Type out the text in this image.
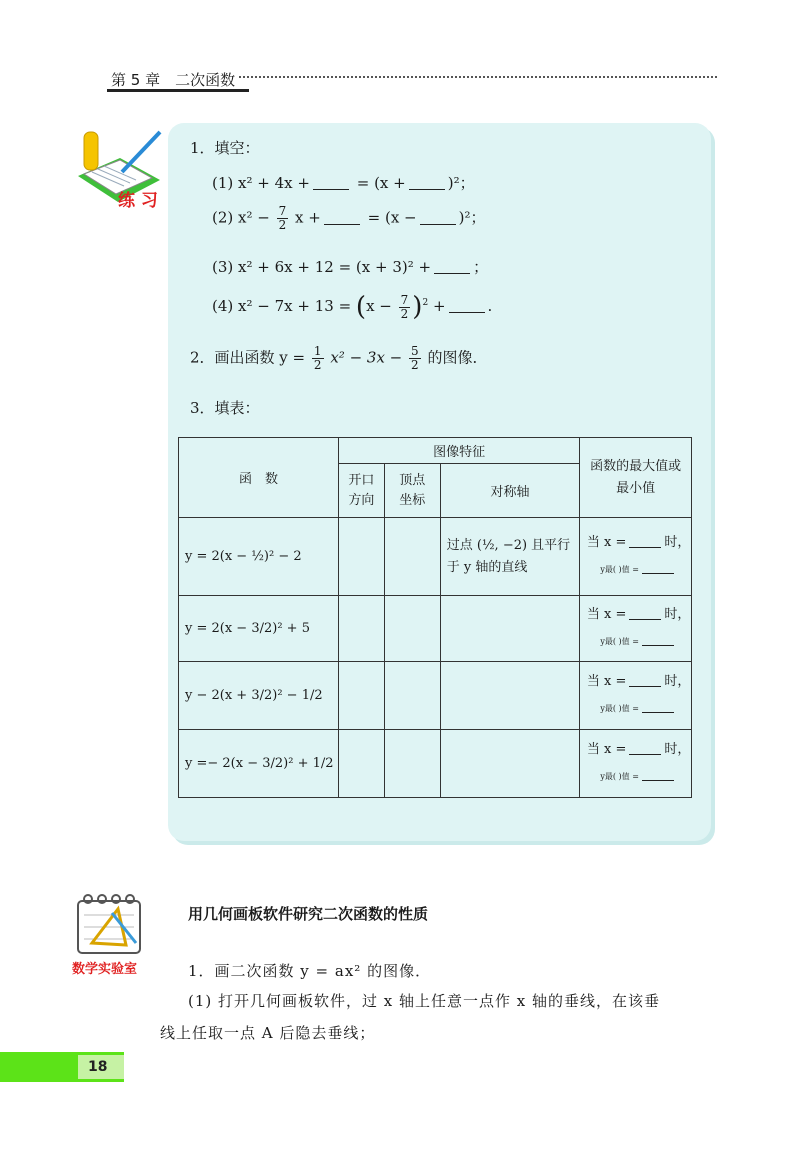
第 5 章　二次函数
练 习
1．填空：
(1) x² + 4x +	= (x +	)²；
(2) $x^2 - \frac{7}{2}$ x +	= (x −	)²；
(3) x² + 6x + 12 = (x + 3)² +	；
(4) $x^2 - 7x + 13 = (x - \frac{7}{2} )^2$ +	.
2．画出函数 $y = \frac{1}{2} x^2 - 3x - \frac{5}{2}$ 的图像．
3．填表：
函　数	图像特征			函数的最大值或最小值
	开口方向	顶点坐标	对称轴	
y = 2(x − ½)² − 2			过点 (½, −2) 且平行于 y 轴的直线	当 x = 时，
y最( )值 =

y = 2(x − 3/2)² + 5				当 x = 时，
y最( )值 =

y − 2(x + 3/2)² − 1/2				当 x = 时，
y最( )值 =

y =− 2(x − 3/2)² + 1/2				当 x = 时，
y最( )值 =
数学实验室
用几何画板软件研究二次函数的性质
1．画二次函数 y = ax² 的图像．
(1) 打开几何画板软件，过 x 轴上任意一点作 x 轴的垂线，在该垂
线上任取一点 A 后隐去垂线；
18
